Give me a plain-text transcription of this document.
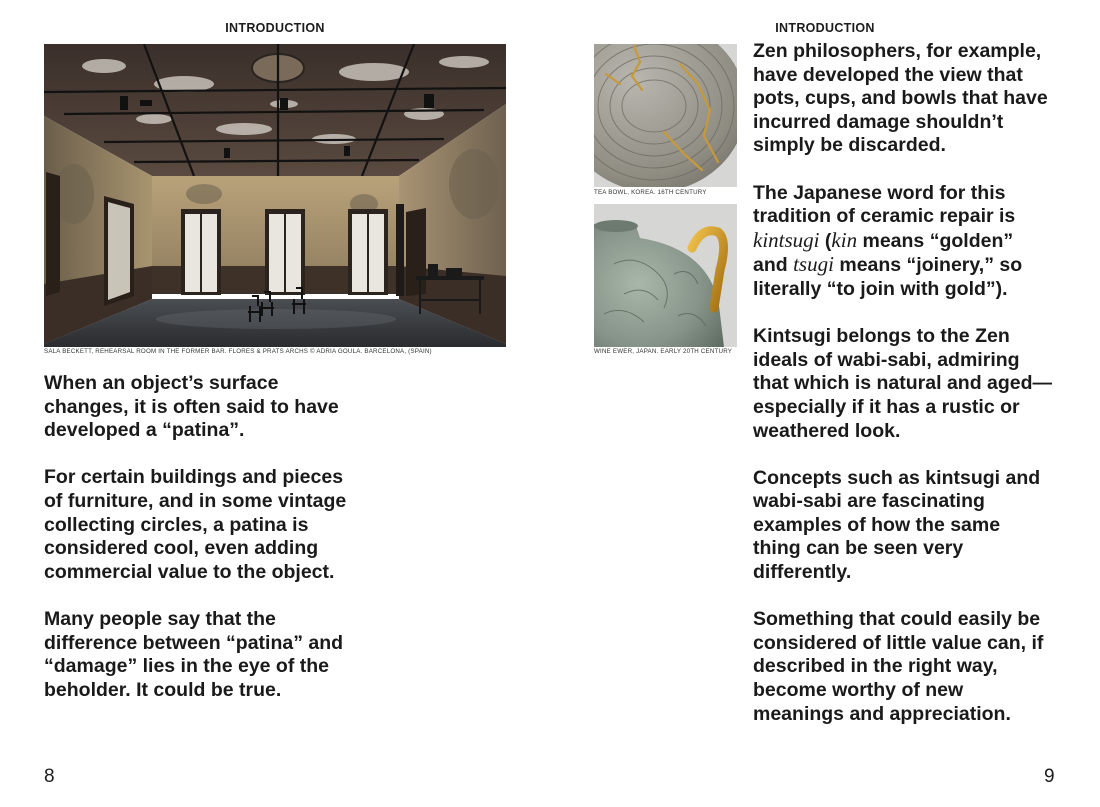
INTRODUCTION
SALA BECKETT, REHEARSAL ROOM IN THE FORMER BAR. FLORES & PRATS ARCHS © ADRIA GOULA. BARCELONA, (SPAIN)

When an object’s surface changes, it is often said to have developed a “patina”.

For certain buildings and pieces of furniture, and in some vintage collecting circles, a patina is considered cool, even adding commercial value to the object.

Many people say that the difference between “patina” and “damage” lies in the eye of the beholder. It could be true.

8
INTRODUCTION
TEA BOWL, KOREA. 16TH CENTURY
WINE EWER, JAPAN. EARLY 20TH CENTURY

Zen philosophers, for example, have developed the view that pots, cups, and bowls that have incurred damage shouldn’t simply be discarded.

The Japanese word for this tradition of ceramic repair is kintsugi (kin means “golden” and tsugi means “joinery,” so literally “to join with gold”).

Kintsugi belongs to the Zen ideals of wabi-sabi, admiring that which is natural and aged—especially if it has a rustic or weathered look.

Concepts such as kintsugi and wabi-sabi are fascinating examples of how the same thing can be seen very differently.

Something that could easily be considered of little value can, if described in the right way, become worthy of new meanings and appreciation.

9
